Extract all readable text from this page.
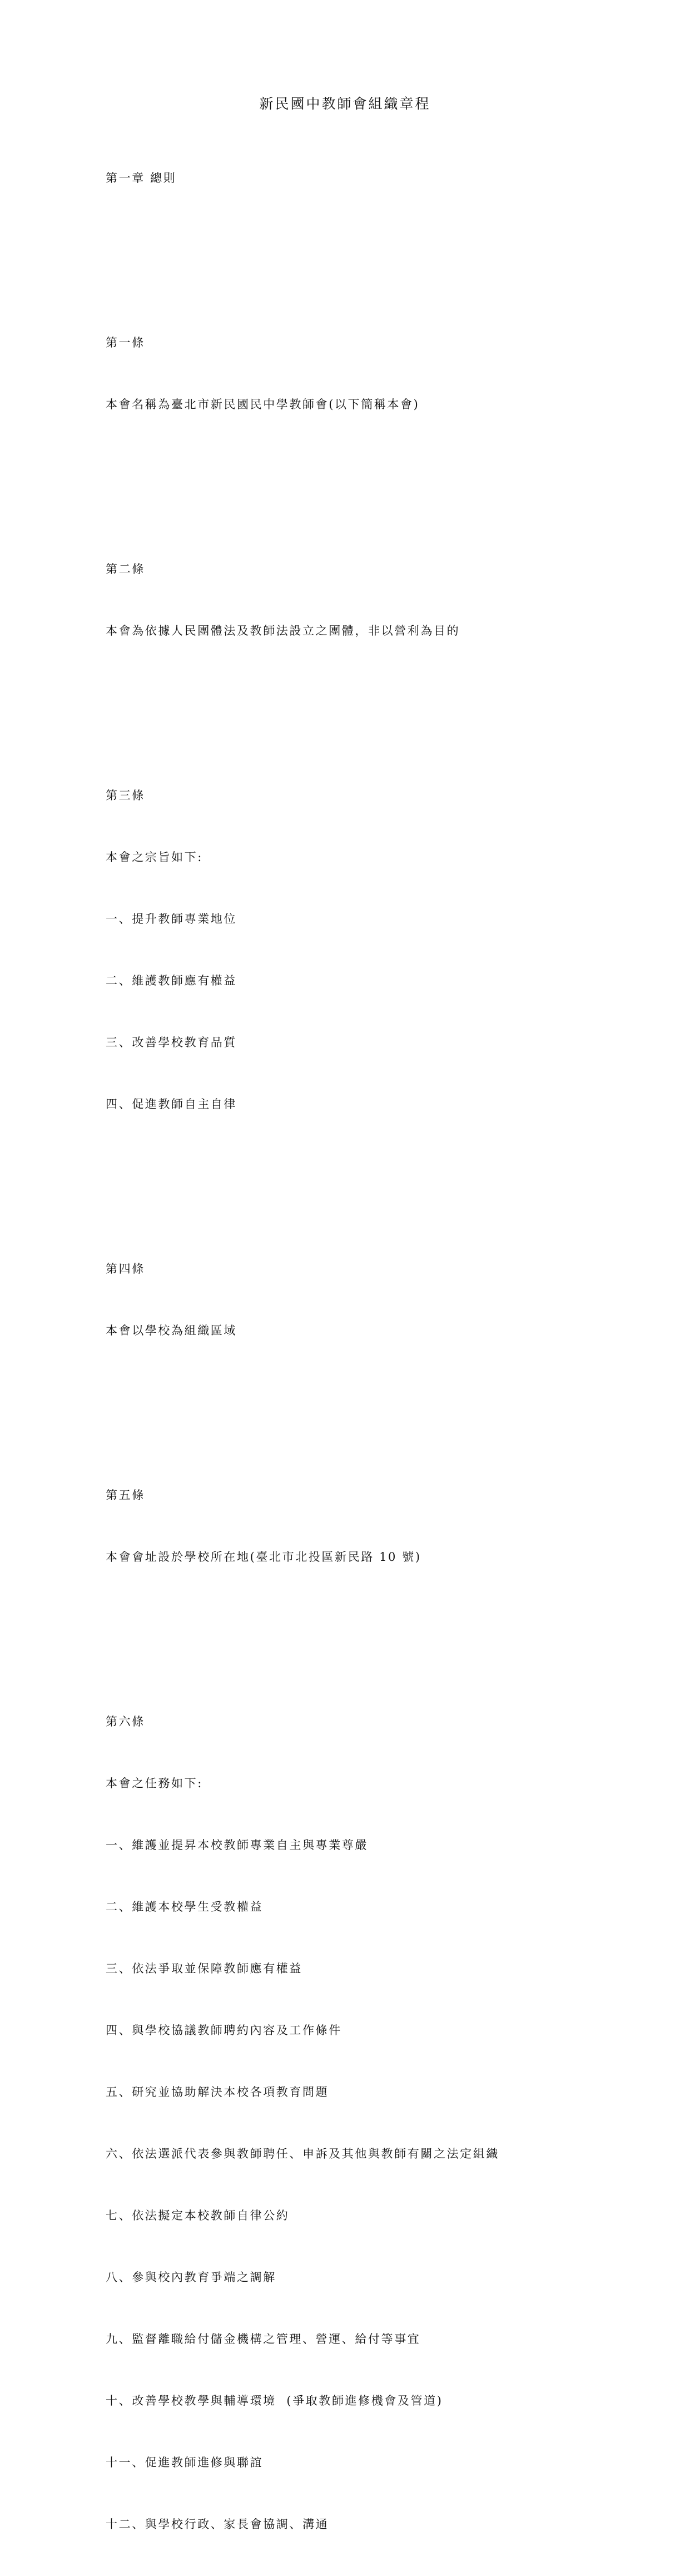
新民國中教師會組織章程

第一章 總則

第一條

本會名稱為臺北市新民國民中學教師會(以下簡稱本會)

第二條

本會為依據人民團體法及教師法設立之團體，非以營利為目的

第三條

本會之宗旨如下:

一、提升教師專業地位

二、維護教師應有權益

三、改善學校教育品質

四、促進教師自主自律

第四條

本會以學校為組織區域

第五條

本會會址設於學校所在地(臺北市北投區新民路 10 號)

第六條

本會之任務如下:

一、維護並提昇本校教師專業自主與專業尊嚴

二、維護本校學生受教權益

三、依法爭取並保障教師應有權益

四、與學校協議教師聘約內容及工作條件

五、研究並協助解決本校各項教育問題

六、依法選派代表參與教師聘任、申訴及其他與教師有關之法定組織

七、依法擬定本校教師自律公約

八、參與校內教育爭端之調解

九、監督離職給付儲金機構之管理、營運、給付等事宜

十、改善學校教學與輔導環境  (爭取教師進修機會及管道)

十一、促進教師進修與聯誼

十二、與學校行政、家長會協調、溝通
